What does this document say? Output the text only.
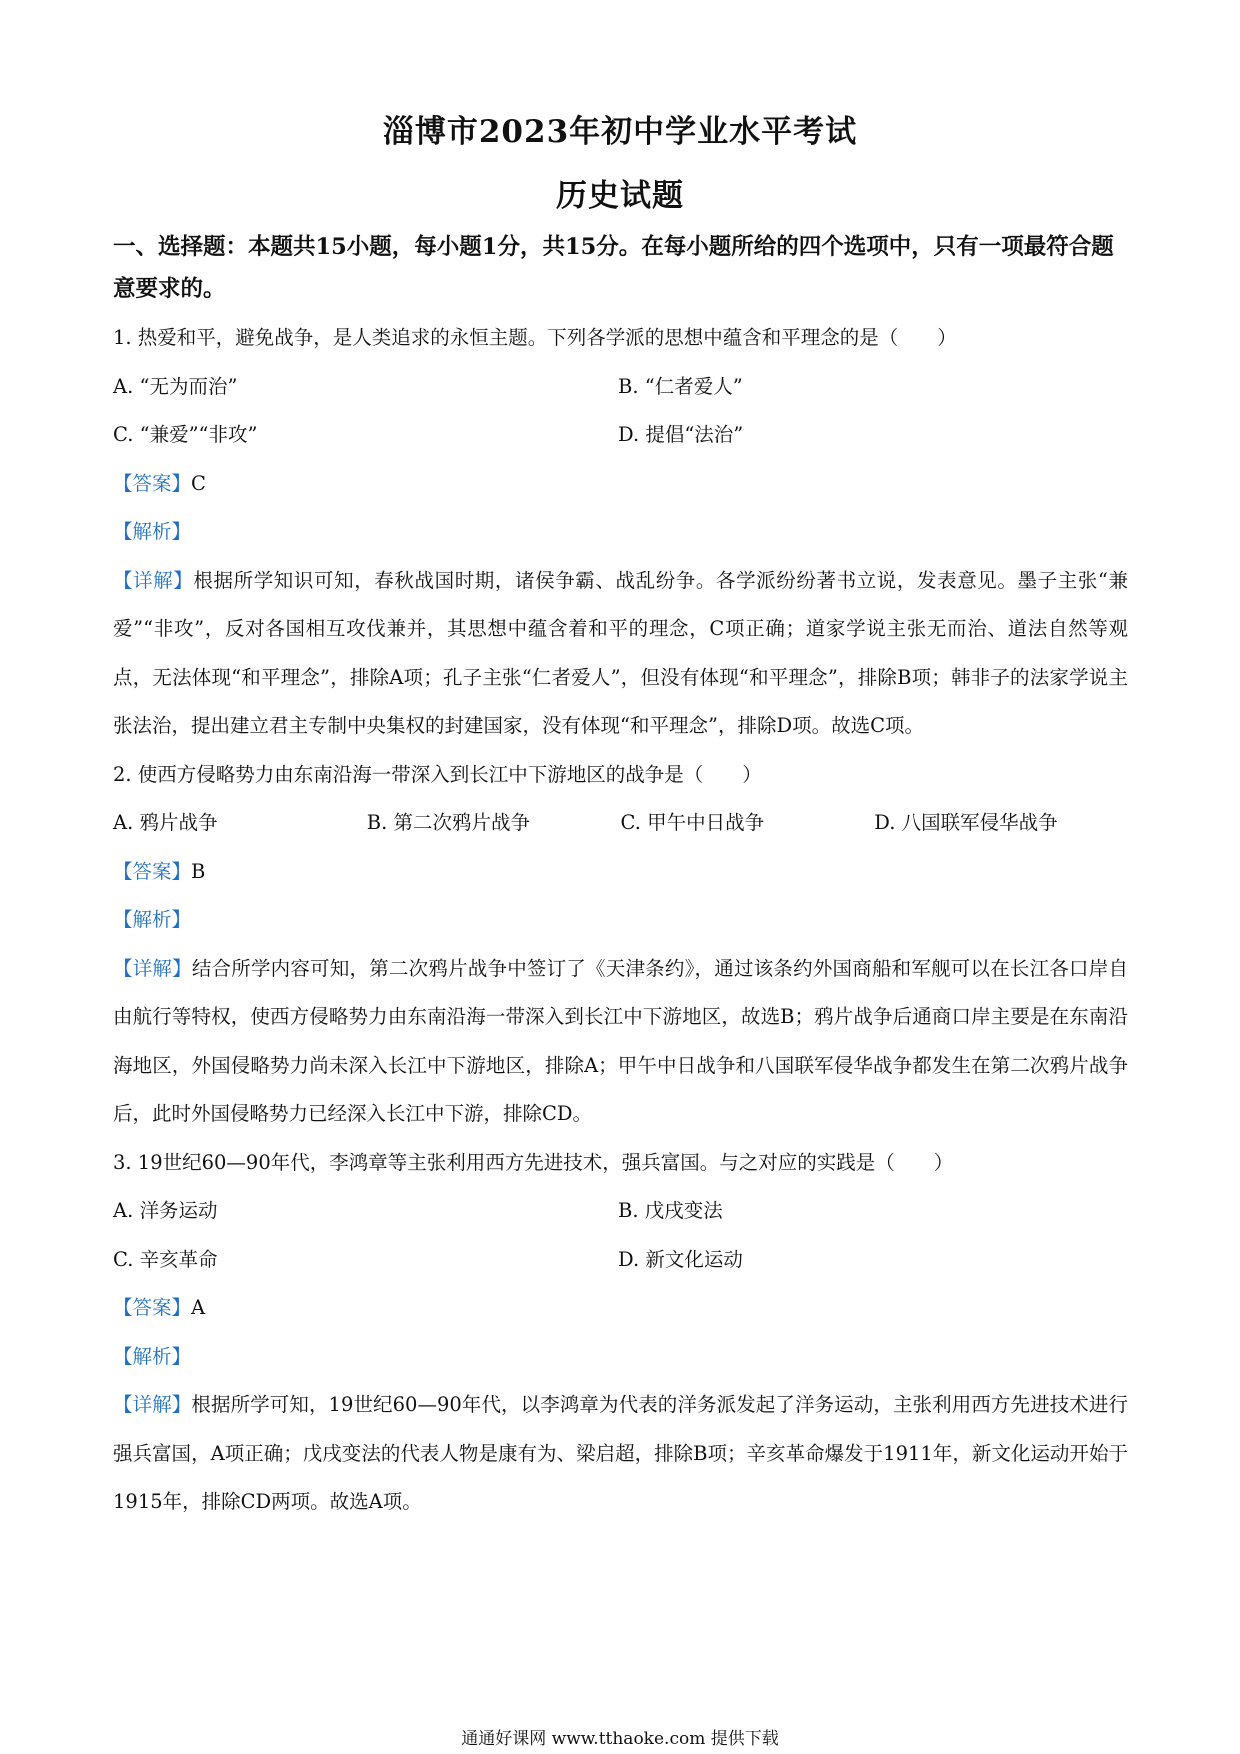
淄博市2023年初中学业水平考试
历史试题
一、选择题：本题共15小题，每小题1分，共15分。在每小题所给的四个选项中，只有一项最符合题意要求的。
1. 热爱和平，避免战争，是人类追求的永恒主题。下列各学派的思想中蕴含和平理念的是（　　）
A. “无为而治”	B. “仁者爱人”
C. “兼爱”“非攻”	D. 提倡“法治”
【答案】C
【解析】
【详解】根据所学知识可知，春秋战国时期，诸侯争霸、战乱纷争。各学派纷纷著书立说，发表意见。墨子主张“兼爱”“非攻”，反对各国相互攻伐兼并，其思想中蕴含着和平的理念，C项正确；道家学说主张无而治、道法自然等观点，无法体现“和平理念”，排除A项；孔子主张“仁者爱人”，但没有体现“和平理念”，排除B项；韩非子的法家学说主张法治，提出建立君主专制中央集权的封建国家，没有体现“和平理念”，排除D项。故选C项。
2. 使西方侵略势力由东南沿海一带深入到长江中下游地区的战争是（　　）
A. 鸦片战争	B. 第二次鸦片战争	C. 甲午中日战争	D. 八国联军侵华战争
【答案】B
【解析】
【详解】结合所学内容可知，第二次鸦片战争中签订了《天津条约》，通过该条约外国商船和军舰可以在长江各口岸自由航行等特权，使西方侵略势力由东南沿海一带深入到长江中下游地区，故选B；鸦片战争后通商口岸主要是在东南沿海地区，外国侵略势力尚未深入长江中下游地区，排除A；甲午中日战争和八国联军侵华战争都发生在第二次鸦片战争后，此时外国侵略势力已经深入长江中下游，排除CD。
3. 19世纪60—90年代，李鸿章等主张利用西方先进技术，强兵富国。与之对应的实践是（　　）
A. 洋务运动	B. 戊戌变法
C. 辛亥革命	D. 新文化运动
【答案】A
【解析】
【详解】根据所学可知，19世纪60—90年代，以李鸿章为代表的洋务派发起了洋务运动，主张利用西方先进技术进行强兵富国，A项正确；戊戌变法的代表人物是康有为、梁启超，排除B项；辛亥革命爆发于1911年，新文化运动开始于1915年，排除CD两项。故选A项。
通通好课网 www.tthaoke.com 提供下载
